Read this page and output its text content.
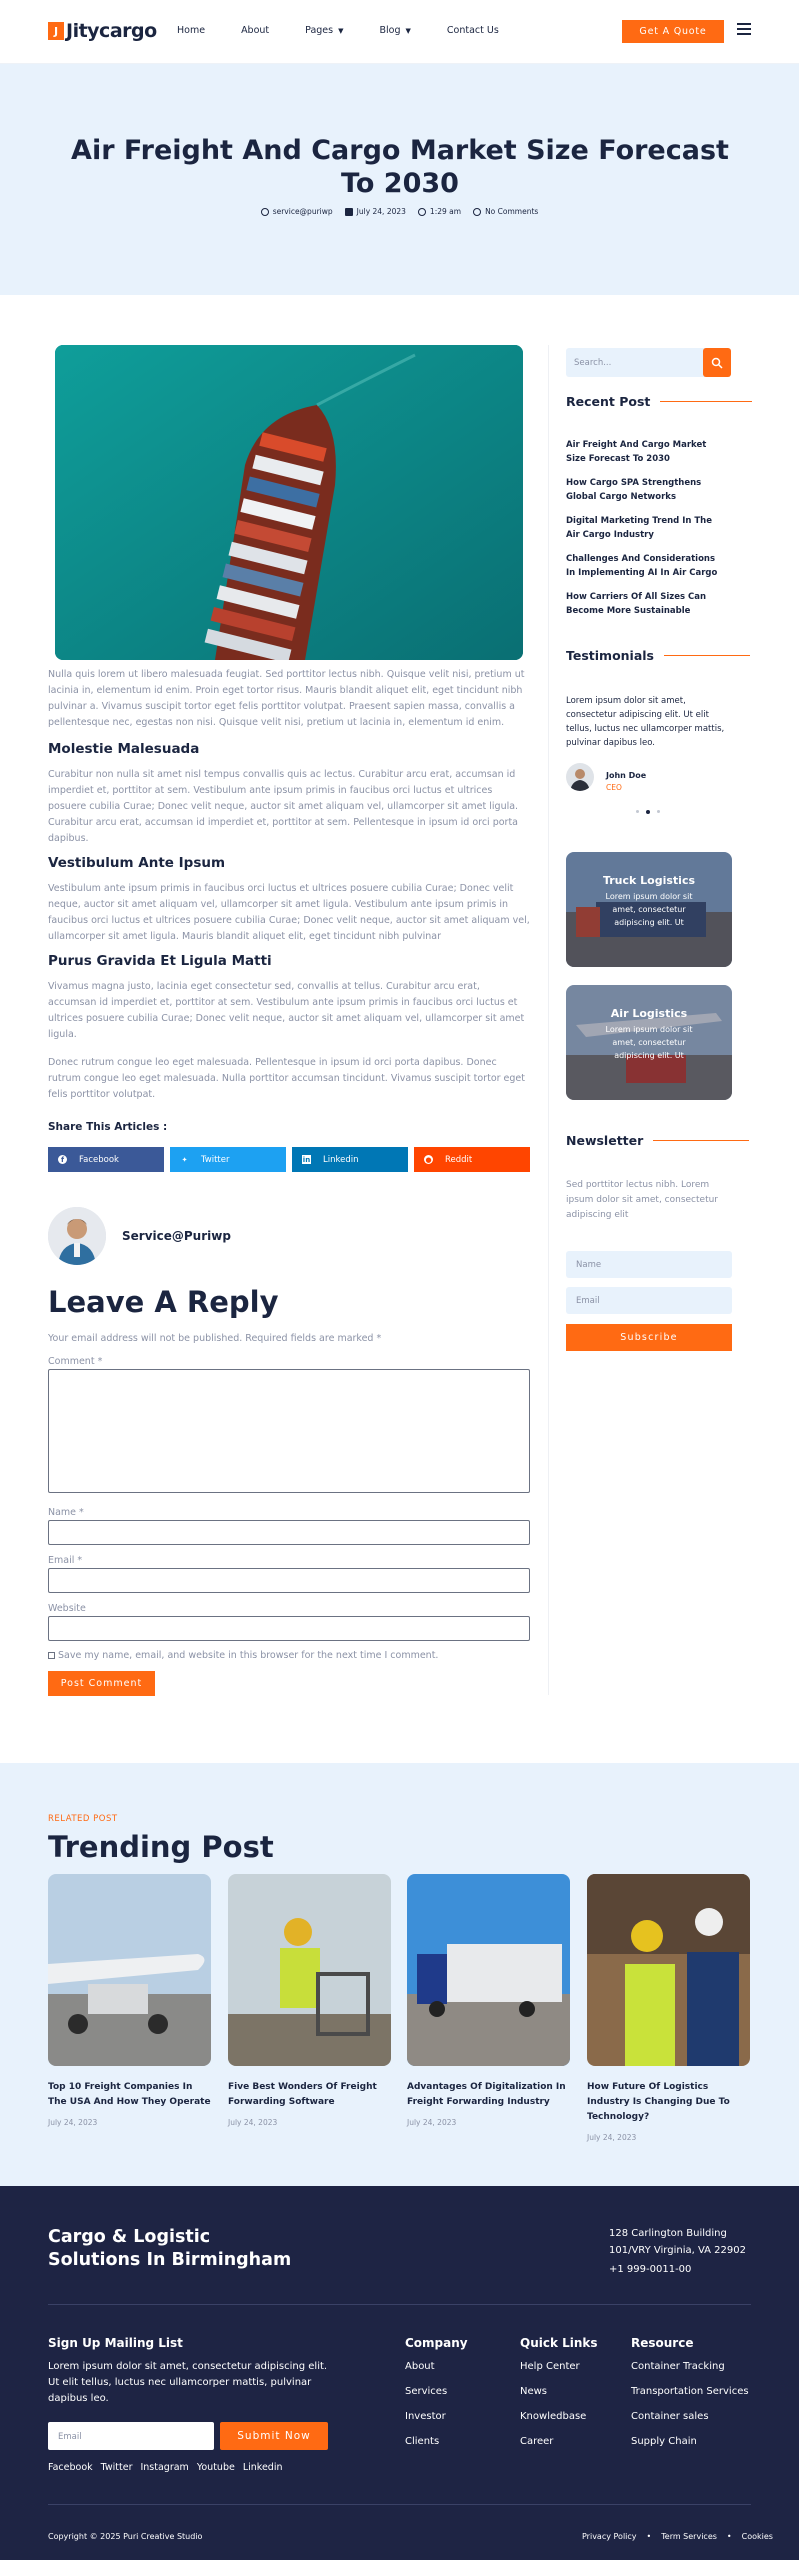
J Jitycargo Home	About	Pages ▼	Blog ▼	Contact Us	Get A Quote
Air Freight And Cargo Market Size Forecast To 2030
service@puriwp	July 24, 2023	1:29 am	No Comments
Nulla quis lorem ut libero malesuada feugiat. Sed porttitor lectus nibh. Quisque velit nisi, pretium ut lacinia in, elementum id enim. Proin eget tortor risus. Mauris blandit aliquet elit, eget tincidunt nibh pulvinar a. Vivamus suscipit tortor eget felis porttitor volutpat. Praesent sapien massa, convallis a pellentesque nec, egestas non nisi. Quisque velit nisi, pretium ut lacinia in, elementum id enim.
Molestie Malesuada
Curabitur non nulla sit amet nisl tempus convallis quis ac lectus. Curabitur arcu erat, accumsan id imperdiet et, porttitor at sem. Vestibulum ante ipsum primis in faucibus orci luctus et ultrices posuere cubilia Curae; Donec velit neque, auctor sit amet aliquam vel, ullamcorper sit amet ligula. Curabitur arcu erat, accumsan id imperdiet et, porttitor at sem. Pellentesque in ipsum id orci porta dapibus.
Vestibulum Ante Ipsum
Vestibulum ante ipsum primis in faucibus orci luctus et ultrices posuere cubilia Curae; Donec velit neque, auctor sit amet aliquam vel, ullamcorper sit amet ligula. Vestibulum ante ipsum primis in faucibus orci luctus et ultrices posuere cubilia Curae; Donec velit neque, auctor sit amet aliquam vel, ullamcorper sit amet ligula. Mauris blandit aliquet elit, eget tincidunt nibh pulvinar
Purus Gravida Et Ligula Matti
Vivamus magna justo, lacinia eget consectetur sed, convallis at tellus. Curabitur arcu erat, accumsan id imperdiet et, porttitor at sem. Vestibulum ante ipsum primis in faucibus orci luctus et ultrices posuere cubilia Curae; Donec velit neque, auctor sit amet aliquam vel, ullamcorper sit amet ligula.
Donec rutrum congue leo eget malesuada. Pellentesque in ipsum id orci porta dapibus. Donec rutrum congue leo eget malesuada. Nulla porttitor accumsan tincidunt. Vivamus suscipit tortor eget felis porttitor volutpat.
Share This Articles :
f	Facebook	✦ Twitter	in Linkedin	● Reddit
Service@Puriwp
Leave A Reply
Your email address will not be published. Required fields are marked *
Comment *
Name *
Email *
Website
Save my name, email, and website in this browser for the next time I comment.
Post Comment
Search...
Recent Post
Air Freight And Cargo Market Size Forecast To 2030
How Cargo SPA Strengthens Global Cargo Networks
Digital Marketing Trend In The Air Cargo Industry
Challenges And Considerations In Implementing AI In Air Cargo
How Carriers Of All Sizes Can Become More Sustainable
Testimonials
Lorem ipsum dolor sit amet, consectetur adipiscing elit. Ut elit tellus, luctus nec ullamcorper mattis, pulvinar dapibus leo.
John Doe
CEO
Truck Logistics
Lorem ipsum dolor sit amet, consectetur adipiscing elit. Ut
Air Logistics
Lorem ipsum dolor sit amet, consectetur adipiscing elit. Ut
Newsletter
Sed porttitor lectus nibh. Lorem ipsum dolor sit amet, consectetur adipiscing elit
Name
Email
Subscribe
RELATED POST
Trending Post
Top 10 Freight Companies In The USA And How They Operate
July 24, 2023
Five Best Wonders Of Freight Forwarding Software
July 24, 2023
Advantages Of Digitalization In Freight Forwarding Industry
July 24, 2023
How Future Of Logistics Industry Is Changing Due To Technology?
July 24, 2023
Cargo & Logistic
Solutions In Birmingham
128 Carlington Building
101/VRY Virginia, VA 22902
+1 999-0011-00
Sign Up Mailing List
Lorem ipsum dolor sit amet, consectetur adipiscing elit. Ut elit tellus, luctus nec ullamcorper mattis, pulvinar dapibus leo.
Email	Submit Now
Facebook Twitter Instagram Youtube Linkedin
Company
About
Services
Investor
Clients
Quick Links
Help Center
News
Knowledbase
Career
Resource
Container Tracking
Transportation Services
Container sales
Supply Chain
Copyright © 2025 Puri Creative Studio	Privacy Policy • Term Services • Cookies
